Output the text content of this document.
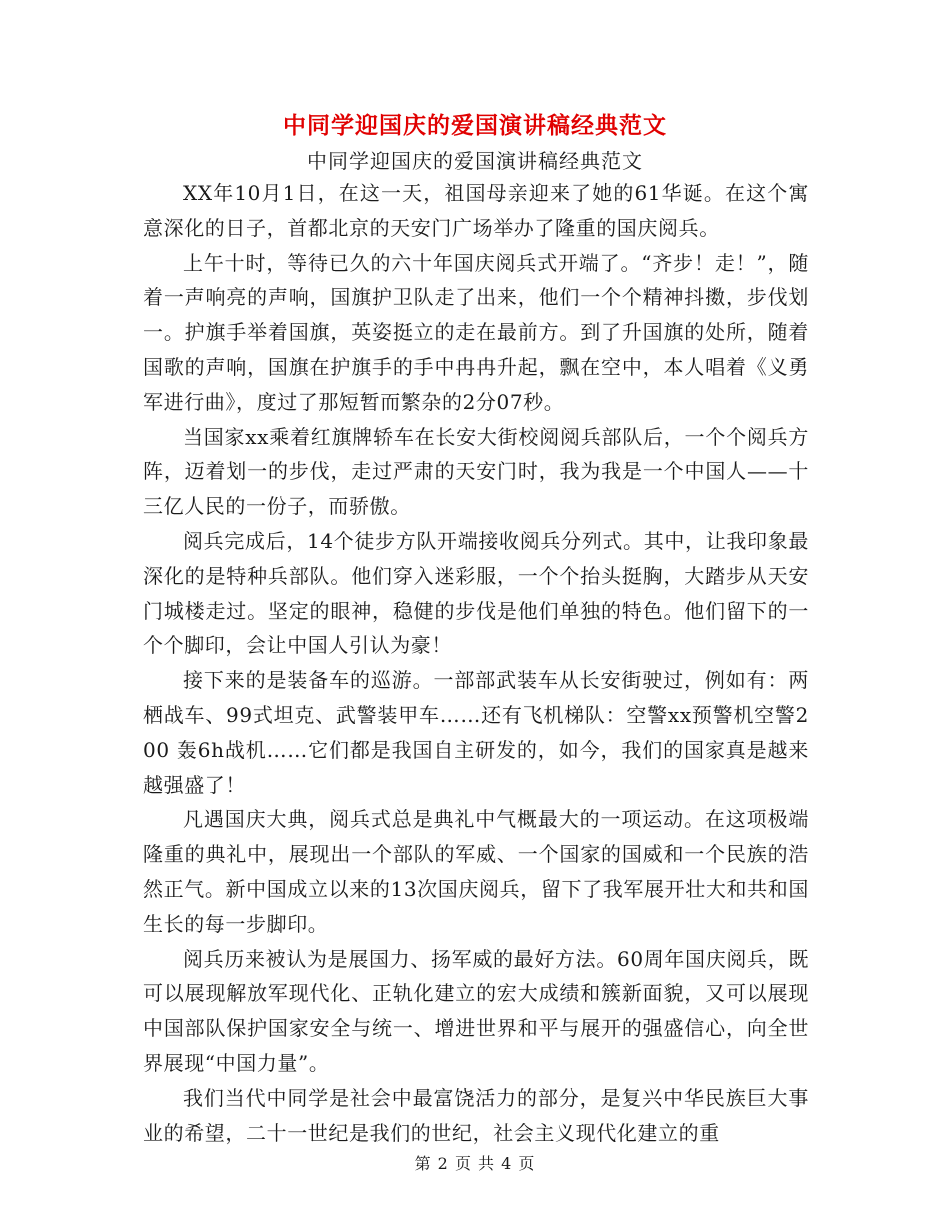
中同学迎国庆的爱国演讲稿经典范文
中同学迎国庆的爱国演讲稿经典范文

XX年10月1日，在这一天，祖国母亲迎来了她的61华诞。在这个寓意深化的日子，首都北京的天安门广场举办了隆重的国庆阅兵。

上午十时，等待已久的六十年国庆阅兵式开端了。“齐步！走！”，随着一声响亮的声响，国旗护卫队走了出来，他们一个个精神抖擞，步伐划一。护旗手举着国旗，英姿挺立的走在最前方。到了升国旗的处所，随着国歌的声响，国旗在护旗手的手中冉冉升起，飘在空中，本人唱着《义勇军进行曲》，度过了那短暂而繁杂的2分07秒。

当国家xx乘着红旗牌轿车在长安大街校阅阅兵部队后，一个个阅兵方阵，迈着划一的步伐，走过严肃的天安门时，我为我是一个中国人——十三亿人民的一份子，而骄傲。

阅兵完成后，14个徒步方队开端接收阅兵分列式。其中，让我印象最深化的是特种兵部队。他们穿入迷彩服，一个个抬头挺胸，大踏步从天安门城楼走过。坚定的眼神，稳健的步伐是他们单独的特色。他们留下的一个个脚印，会让中国人引认为豪！

接下来的是装备车的巡游。一部部武装车从长安街驶过，例如有：两栖战车、99式坦克、武警装甲车……还有飞机梯队：空警xx预警机空警200 轰6h战机……它们都是我国自主研发的，如今，我们的国家真是越来越强盛了！

凡遇国庆大典，阅兵式总是典礼中气概最大的一项运动。在这项极端隆重的典礼中，展现出一个部队的军威、一个国家的国威和一个民族的浩然正气。新中国成立以来的13次国庆阅兵，留下了我军展开壮大和共和国生长的每一步脚印。

阅兵历来被认为是展国力、扬军威的最好方法。60周年国庆阅兵，既可以展现解放军现代化、正轨化建立的宏大成绩和簇新面貌，又可以展现中国部队保护国家安全与统一、增进世界和平与展开的强盛信心，向全世界展现“中国力量”。

我们当代中同学是社会中最富饶活力的部分，是复兴中华民族巨大事业的希望，二十一世纪是我们的世纪，社会主义现代化建立的重

第 2 页 共 4 页
